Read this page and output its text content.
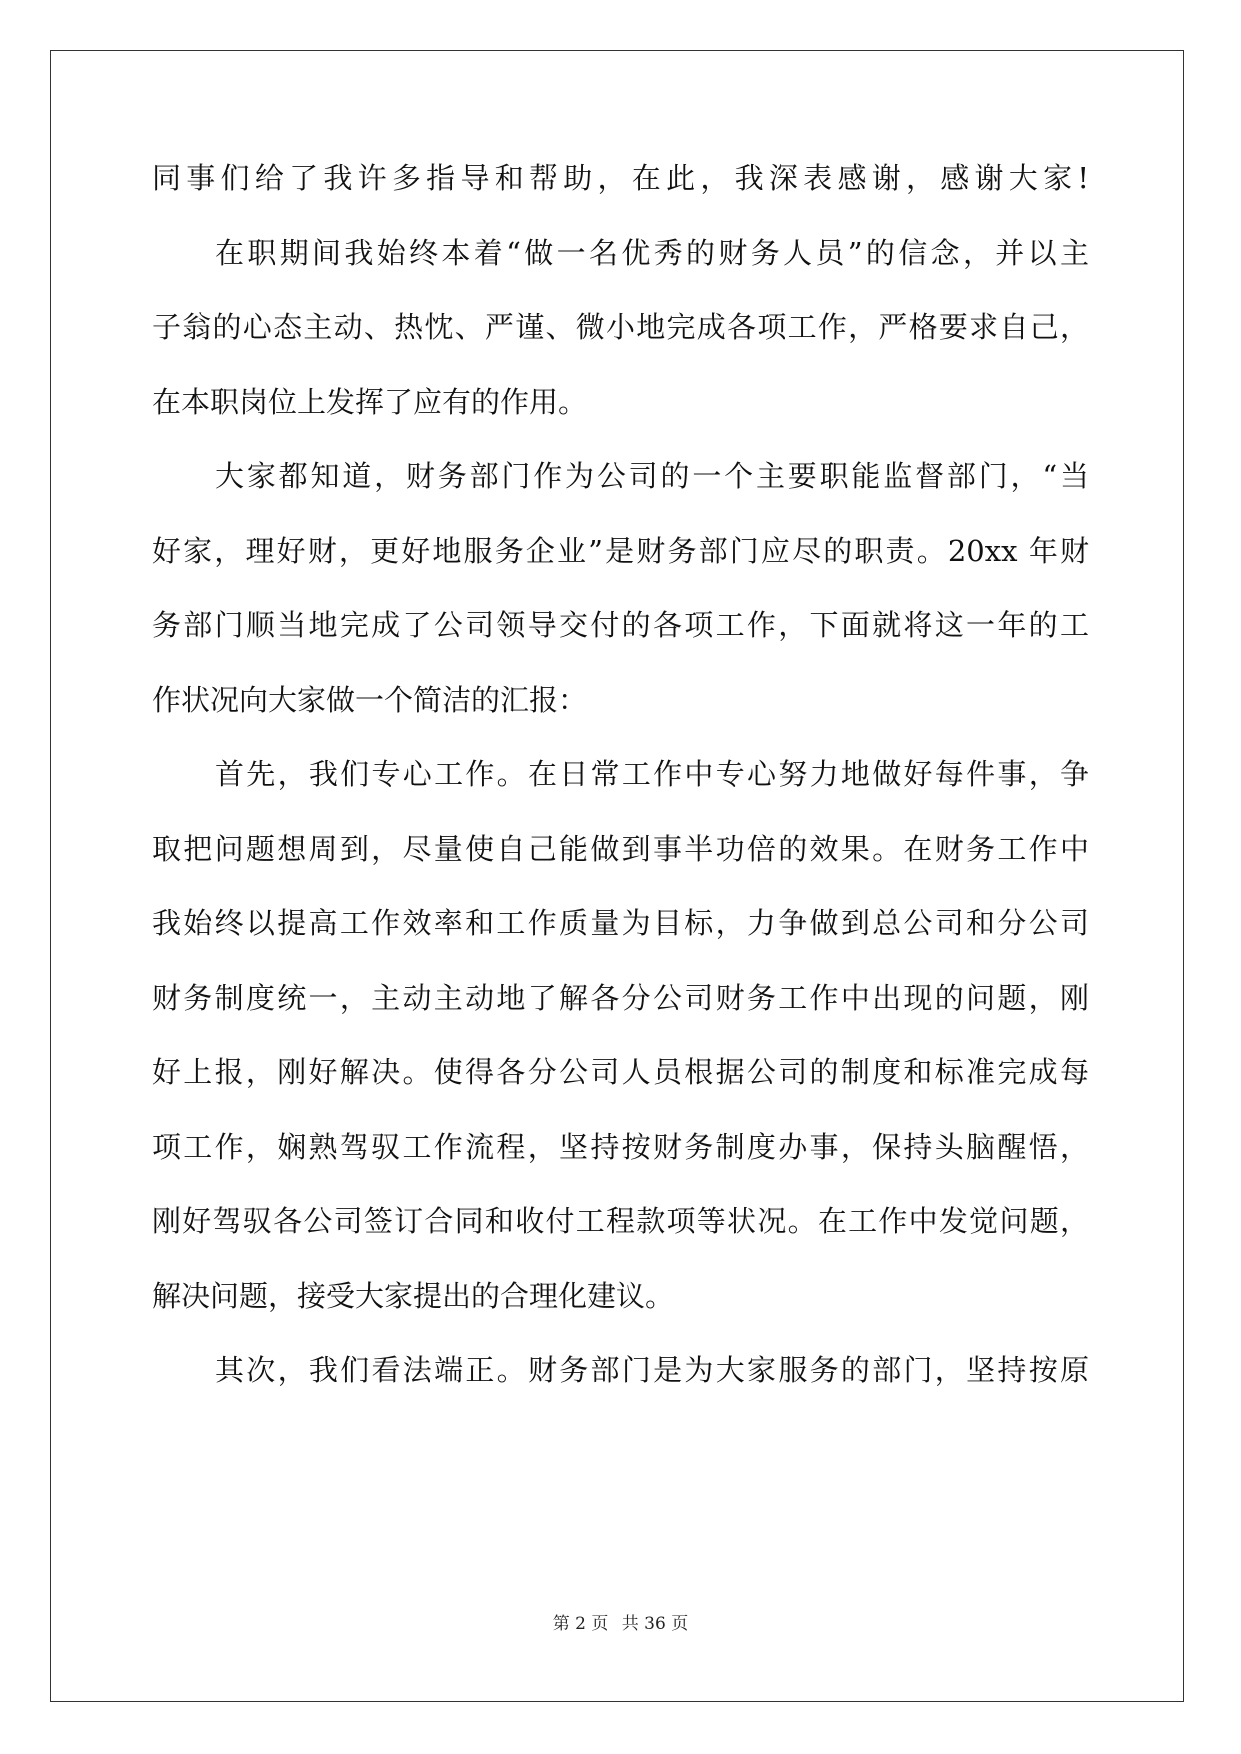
同事们给了我许多指导和帮助，在此，我深表感谢，感谢大家!
在职期间我始终本着“做一名优秀的财务人员”的信念，并以主
子翁的心态主动、热忱、严谨、微小地完成各项工作，严格要求自己，
在本职岗位上发挥了应有的作用。
大家都知道，财务部门作为公司的一个主要职能监督部门，“当
好家，理好财，更好地服务企业”是财务部门应尽的职责。20xx 年财
务部门顺当地完成了公司领导交付的各项工作，下面就将这一年的工
作状况向大家做一个简洁的汇报：
首先，我们专心工作。在日常工作中专心努力地做好每件事，争
取把问题想周到，尽量使自己能做到事半功倍的效果。在财务工作中
我始终以提高工作效率和工作质量为目标，力争做到总公司和分公司
财务制度统一，主动主动地了解各分公司财务工作中出现的问题，刚
好上报，刚好解决。使得各分公司人员根据公司的制度和标准完成每
项工作，娴熟驾驭工作流程，坚持按财务制度办事，保持头脑醒悟，
刚好驾驭各公司签订合同和收付工程款项等状况。在工作中发觉问题，
解决问题，接受大家提出的合理化建议。
其次，我们看法端正。财务部门是为大家服务的部门，坚持按原
第 2 页 共 36 页
